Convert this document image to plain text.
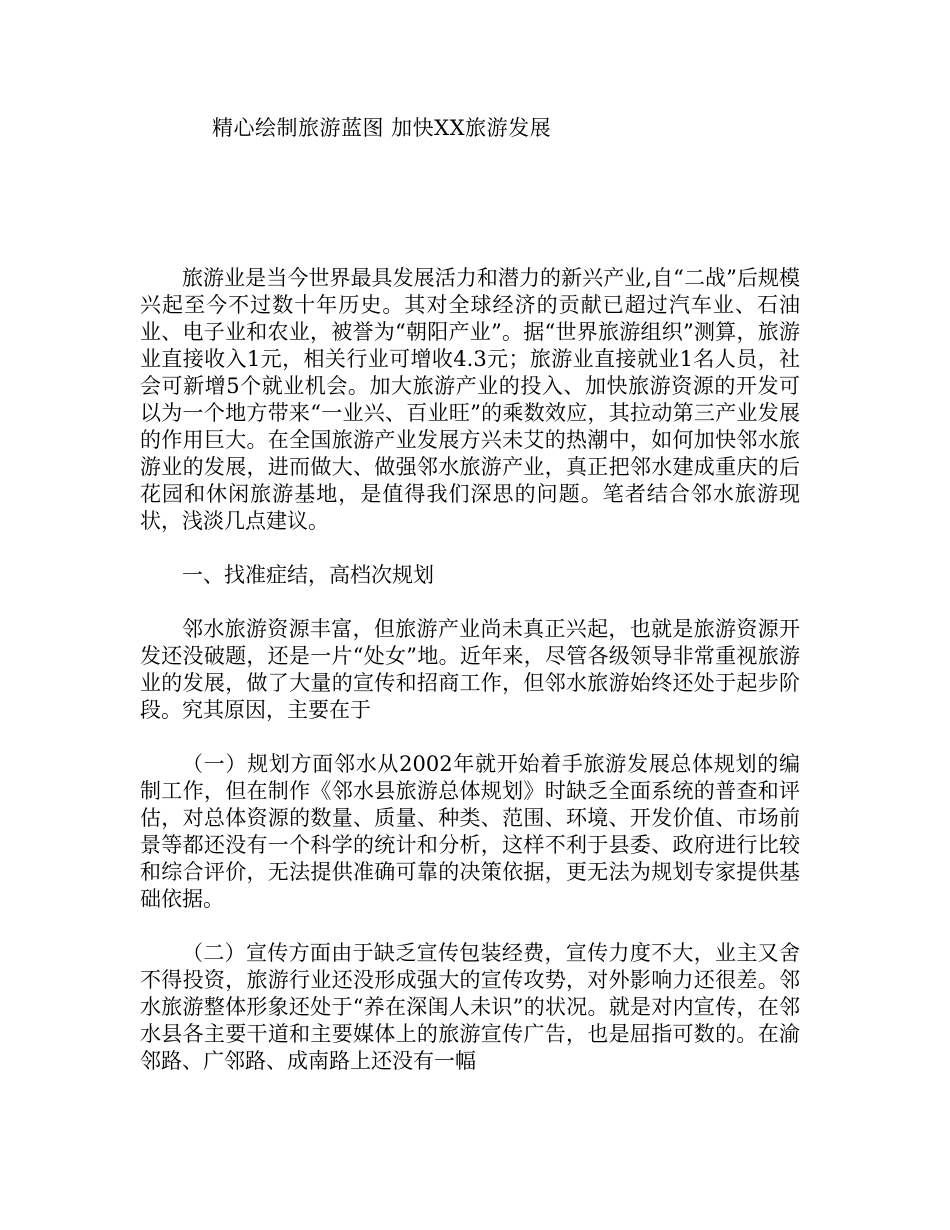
精心绘制旅游蓝图 加快XX旅游发展

旅游业是当今世界最具发展活力和潜力的新兴产业,自“二战”后规模兴起至今不过数十年历史。其对全球经济的贡献已超过汽车业、石油业、电子业和农业，被誉为“朝阳产业”。据“世界旅游组织”测算，旅游业直接收入1元，相关行业可增收4.3元；旅游业直接就业1名人员，社会可新增5个就业机会。加大旅游产业的投入、加快旅游资源的开发可以为一个地方带来“一业兴、百业旺”的乘数效应，其拉动第三产业发展的作用巨大。在全国旅游产业发展方兴未艾的热潮中，如何加快邻水旅游业的发展，进而做大、做强邻水旅游产业，真正把邻水建成重庆的后花园和休闲旅游基地，是值得我们深思的问题。笔者结合邻水旅游现状，浅淡几点建议。

一、找准症结，高档次规划

邻水旅游资源丰富，但旅游产业尚未真正兴起，也就是旅游资源开发还没破题，还是一片“处女”地。近年来，尽管各级领导非常重视旅游业的发展，做了大量的宣传和招商工作，但邻水旅游始终还处于起步阶段。究其原因，主要在于

（一）规划方面邻水从2002年就开始着手旅游发展总体规划的编制工作，但在制作《邻水县旅游总体规划》时缺乏全面系统的普查和评估，对总体资源的数量、质量、种类、范围、环境、开发价值、市场前景等都还没有一个科学的统计和分析，这样不利于县委、政府进行比较和综合评价，无法提供准确可靠的决策依据，更无法为规划专家提供基础依据。

（二）宣传方面由于缺乏宣传包装经费，宣传力度不大，业主又舍不得投资，旅游行业还没形成强大的宣传攻势，对外影响力还很差。邻水旅游整体形象还处于“养在深闺人未识”的状况。就是对内宣传，在邻水县各主要干道和主要媒体上的旅游宣传广告，也是屈指可数的。在渝邻路、广邻路、成南路上还没有一幅
